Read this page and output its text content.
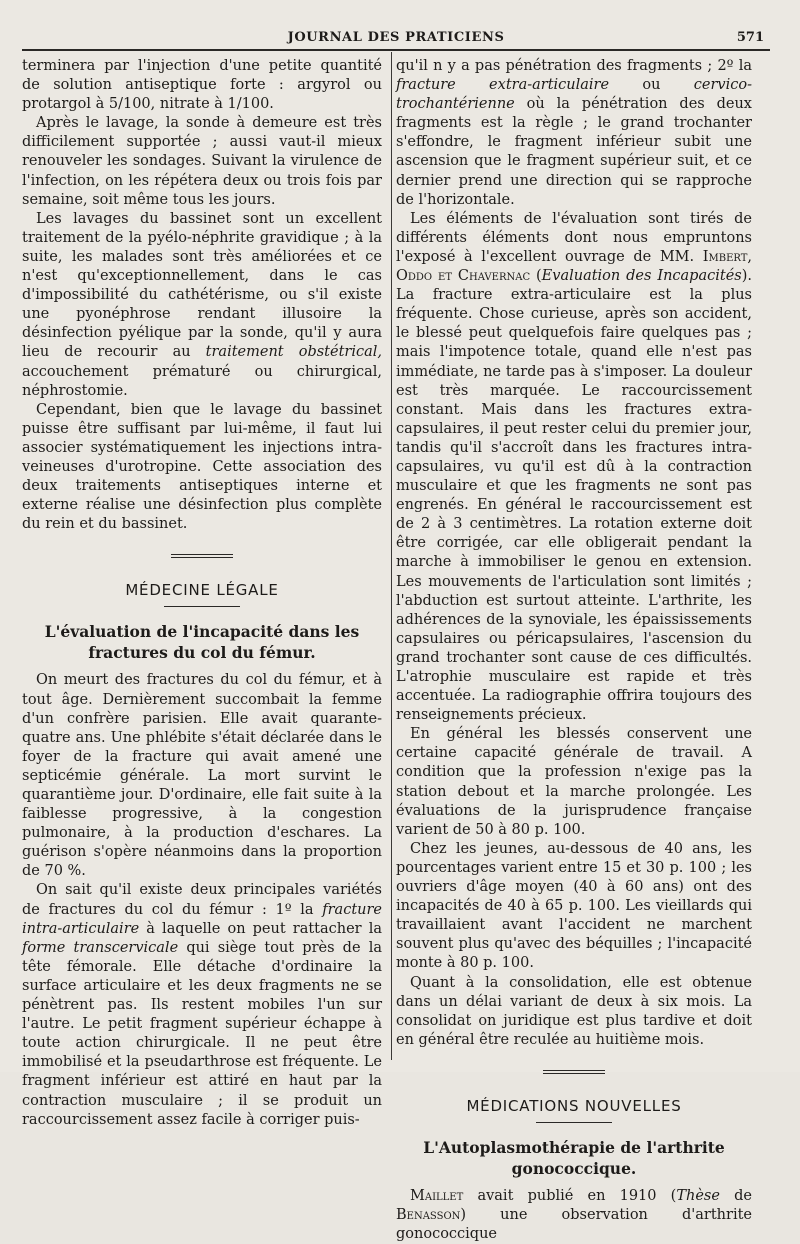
JOURNAL DES PRATICIENS	571

terminera par l'injection d'une petite quantité de solution antiseptique forte : argyrol ou protargol à 5/100, nitrate à 1/100.

Après le lavage, la sonde à demeure est très difficilement supportée ; aussi vaut-il mieux renouveler les sondages. Suivant la virulence de l'infection, on les répétera deux ou trois fois par semaine, soit même tous les jours.

Les lavages du bassinet sont un excellent traitement de la pyélo-néphrite gravidique ; à la suite, les malades sont très améliorées et ce n'est qu'exceptionnellement, dans le cas d'impossibilité du cathétérisme, ou s'il existe une pyonéphrose rendant illusoire la désinfection pyélique par la sonde, qu'il y aura lieu de recourir au traitement obstétrical, accouchement prématuré ou chirurgical, néphrostomie.

Cependant, bien que le lavage du bassinet puisse être suffisant par lui-même, il faut lui associer systématiquement les injections intra-veineuses d'urotropine. Cette association des deux traitements antiseptiques interne et externe réalise une désinfection plus complète du rein et du bassinet.

MÉDECINE LÉGALE
L'évaluation de l'incapacité dans les fractures du col du fémur.

On meurt des fractures du col du fémur, et à tout âge. Dernièrement succombait la femme d'un confrère parisien. Elle avait quarante-quatre ans. Une phlébite s'était déclarée dans le foyer de la fracture qui avait amené une septicémie générale. La mort survint le quarantième jour. D'ordinaire, elle fait suite à la faiblesse progressive, à la congestion pulmonaire, à la production d'eschares. La guérison s'opère néanmoins dans la proportion de 70 %.

On sait qu'il existe deux principales variétés de fractures du col du fémur : 1º la fracture intra-articulaire à laquelle on peut rattacher la forme transcervicale qui siège tout près de la tête fémorale. Elle détache d'ordinaire la surface articulaire et les deux fragments ne se pénètrent pas. Ils restent mobiles l'un sur l'autre. Le petit fragment supérieur échappe à toute action chirurgicale. Il ne peut être immobilisé et la pseudarthrose est fréquente. Le fragment inférieur est attiré en haut par la contraction musculaire ; il se produit un raccourcissement assez facile à corriger puis-

qu'il n y a pas pénétration des fragments ; 2º la fracture extra-articulaire ou cervico-trochantérienne où la pénétration des deux fragments est la règle ; le grand trochanter s'effondre, le fragment inférieur subit une ascension que le fragment supérieur suit, et ce dernier prend une direction qui se rapproche de l'horizontale.

Les éléments de l'évaluation sont tirés de différents éléments dont nous empruntons l'exposé à l'excellent ouvrage de MM. Imbert, Oddo et Chavernac (Evaluation des Incapacités). La fracture extra-articulaire est la plus fréquente. Chose curieuse, après son accident, le blessé peut quelquefois faire quelques pas ; mais l'impotence totale, quand elle n'est pas immédiate, ne tarde pas à s'imposer. La douleur est très marquée. Le raccourcissement constant. Mais dans les fractures extra-capsulaires, il peut rester celui du premier jour, tandis qu'il s'accroît dans les fractures intra-capsulaires, vu qu'il est dû à la contraction musculaire et que les fragments ne sont pas engrenés. En général le raccourcissement est de 2 à 3 centimètres. La rotation externe doit être corrigée, car elle obligerait pendant la marche à immobiliser le genou en extension. Les mouvements de l'articulation sont limités ; l'abduction est surtout atteinte. L'arthrite, les adhérences de la synoviale, les épaississements capsulaires ou péricapsulaires, l'ascension du grand trochanter sont cause de ces difficultés. L'atrophie musculaire est rapide et très accentuée. La radiographie offrira toujours des renseignements précieux.

En général les blessés conservent une certaine capacité générale de travail. A condition que la profession n'exige pas la station debout et la marche prolongée. Les évaluations de la jurisprudence française varient de 50 à 80 p. 100.

Chez les jeunes, au-dessous de 40 ans, les pourcentages varient entre 15 et 30 p. 100 ; les ouvriers d'âge moyen (40 à 60 ans) ont des incapacités de 40 à 65 p. 100. Les vieillards qui travaillaient avant l'accident ne marchent souvent plus qu'avec des béquilles ; l'incapacité monte à 80 p. 100.

Quant à la consolidation, elle est obtenue dans un délai variant de deux à six mois. La consolidat on juridique est plus tardive et doit en général être reculée au huitième mois.

MÉDICATIONS NOUVELLES
L'Autoplasmothérapie de l'arthrite gonococcique.

Maillet avait publié en 1910 (Thèse de Benasson) une observation d'arthrite gonococcique
